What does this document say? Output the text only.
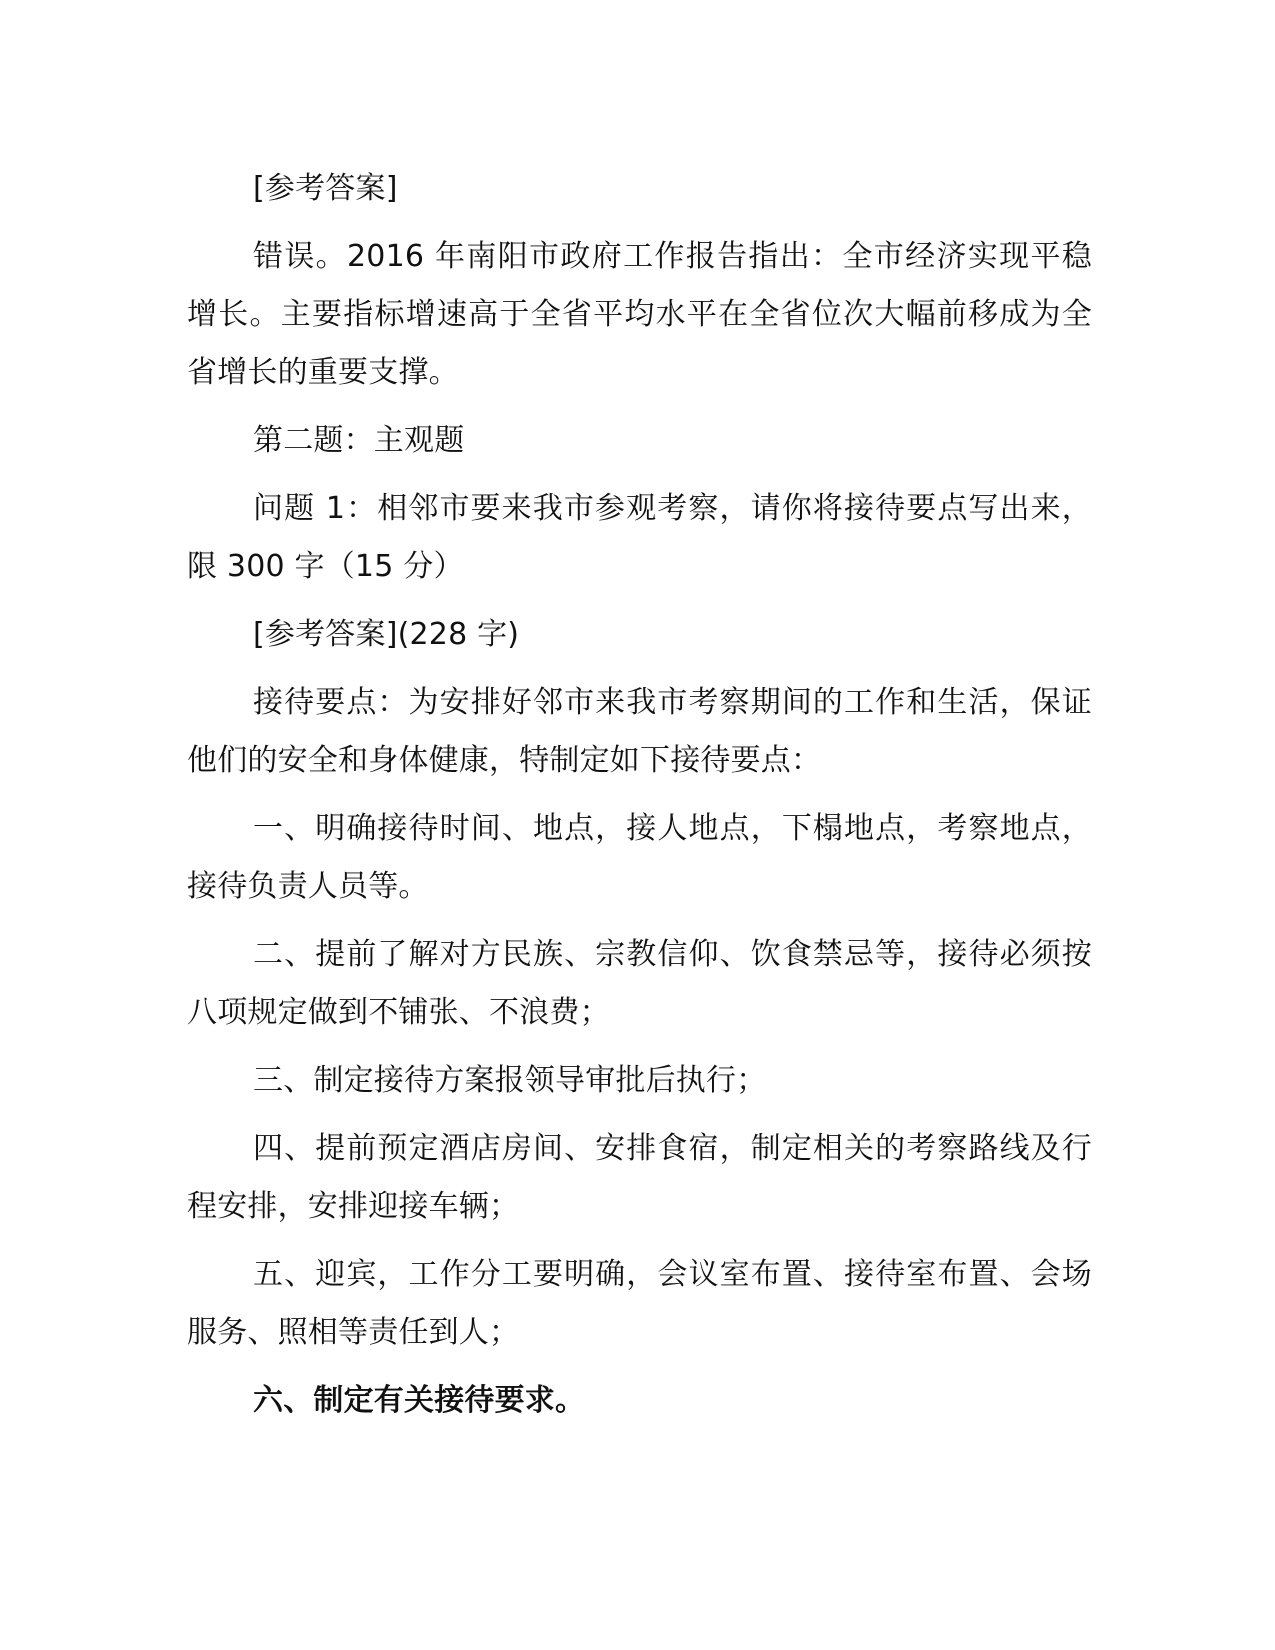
[参考答案]

错误。2016 年南阳市政府工作报告指出：全市经济实现平稳增长。主要指标增速高于全省平均水平在全省位次大幅前移成为全省增长的重要支撑。

第二题：主观题

问题 1：相邻市要来我市参观考察，请你将接待要点写出来，限 300 字（15 分）

[参考答案](228 字)

接待要点：为安排好邻市来我市考察期间的工作和生活，保证他们的安全和身体健康，特制定如下接待要点：

一、明确接待时间、地点，接人地点，下榻地点，考察地点，接待负责人员等。

二、提前了解对方民族、宗教信仰、饮食禁忌等，接待必须按八项规定做到不铺张、不浪费；

三、制定接待方案报领导审批后执行；

四、提前预定酒店房间、安排食宿，制定相关的考察路线及行程安排，安排迎接车辆；

五、迎宾，工作分工要明确，会议室布置、接待室布置、会场服务、照相等责任到人；

六、制定有关接待要求。
